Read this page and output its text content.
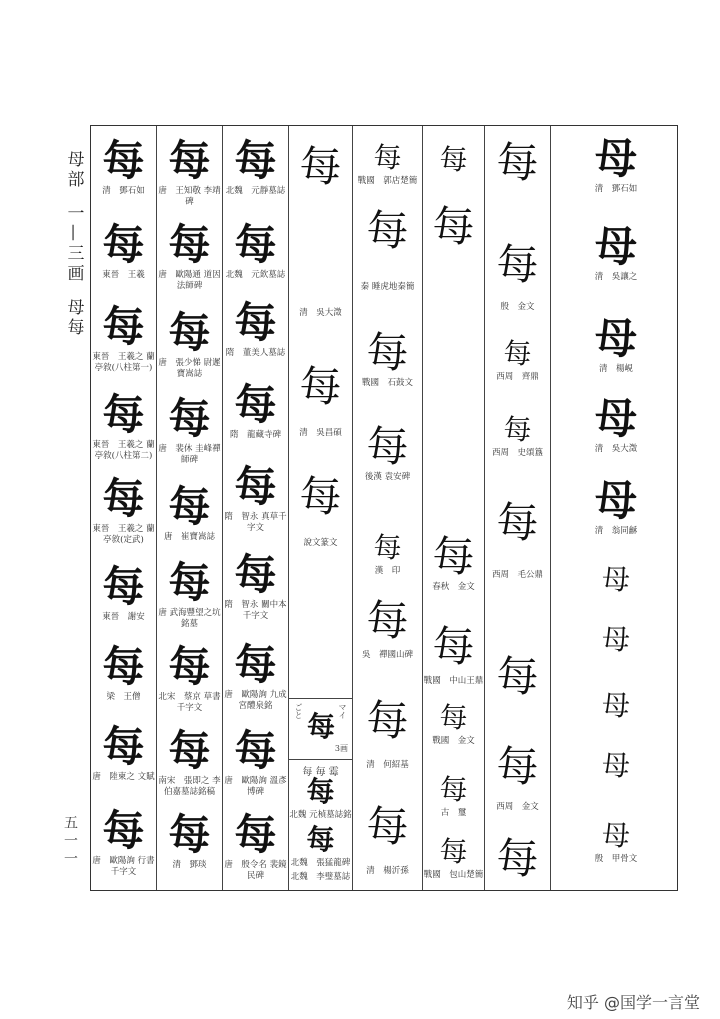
母部
一—三画
母每
五一一
每
清　鄧石如
每
東晉　王羲
每
東晉　王羲之 蘭亭敘(八柱第一)
每
東晉　王羲之 蘭亭敘(八柱第二)
每
東晉　王羲之 蘭亭敘(定武)
每
東晉　謝安
每
梁　王僧
每
唐　陸柬之 文賦
每
唐　歐陽詢 行書千字文
每
唐　王知敬 李靖碑
每
唐　歐陽通 道因法師碑
每
唐　張少悌 尉遲寶嵩誌
每
唐　裴休 圭峰禪師碑
每
唐　崔寶嵩誌
每
唐 武海豐望之坑銘墓
每
北宋　蔡京 草書千字文
每
南宋　張即之 李伯嘉墓誌銘稿
每
清　鄧琰
每
北魏　元靜墓誌
每
北魏　元欽墓誌
每
隋　董美人墓誌
每
隋　龍藏寺碑
每
隋　智永 真草千字文
每
隋　智永 關中本千字文
每
唐　歐陽詢 九成宮醴泉銘
每
唐　歐陽詢 溫彥博碑
每
唐　殷令名 裴鏡民碑
每
清　吳大澂
每
清　吳昌碩
每
說文篆文
ごと 每 マイ
3画
每 毎 霉
每
北魏 元楨墓誌銘
每
北魏　張猛龍碑
北魏　李璧墓誌
每
戰國　郭店楚簡
每
秦 睡虎地秦簡
每
戰國　石鼓文
每
後漢 袁安碑
每
漢　印
每
吳　禪國山碑
每
清　何紹基
每
清　楊沂孫
每
每
每
春秋　金文
每
戰國　中山王鼎
每
戰國　金文
每
古　璽
每
戰國　包山楚簡
每
每
殷　金文
每
西周　齊鼎
每
西周　史頌簋
每
西周　毛公鼎
每
每
西周　金文
每
母
清　鄧石如
母
清　吳讓之
母
清　楊峴
母
清　吳大澂
母
清　翁同龢
母
母
母
母
母
殷　甲骨文
知乎 @国学一言堂
